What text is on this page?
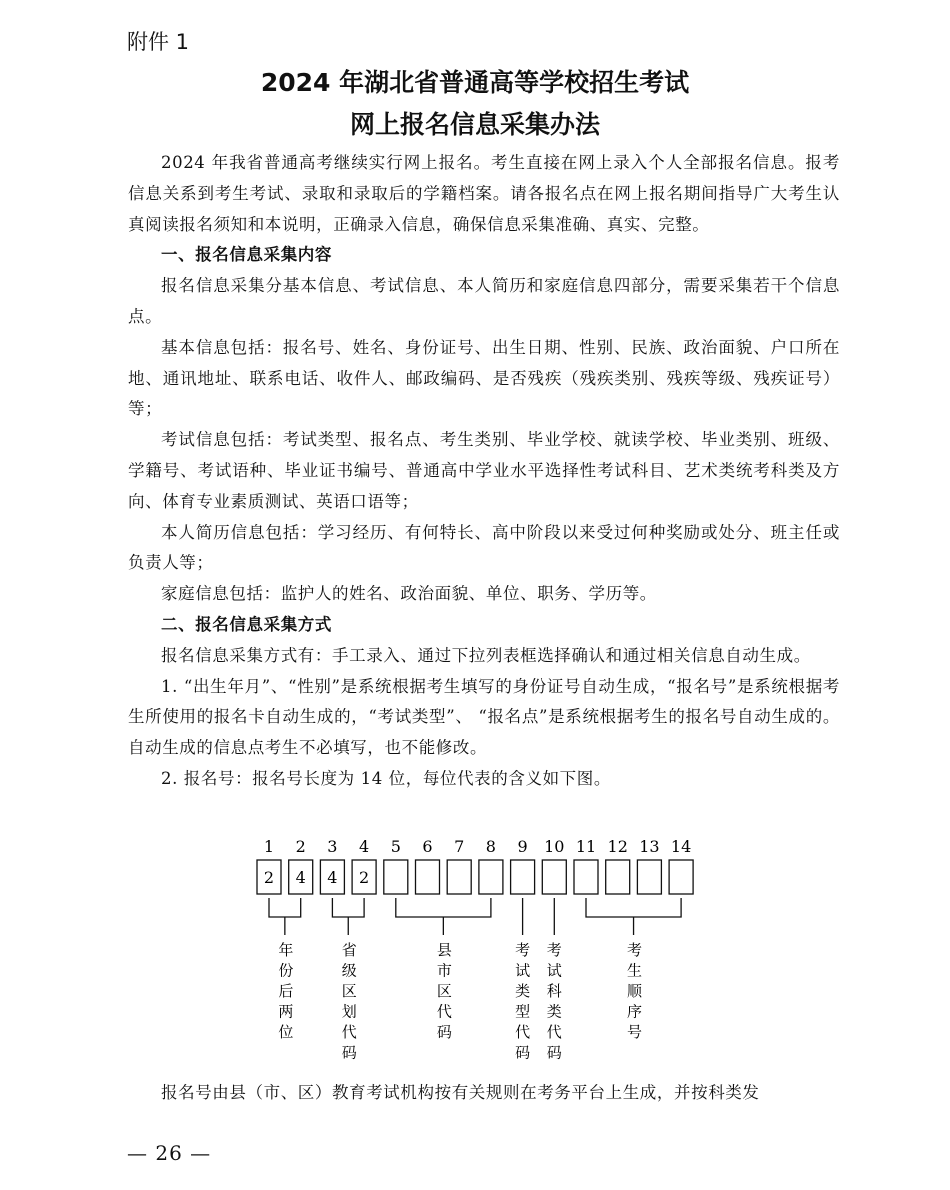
附件 1
2024 年湖北省普通高等学校招生考试
网上报名信息采集办法

2024 年我省普通高考继续实行网上报名。考生直接在网上录入个人全部报名信息。报考信息关系到考生考试、录取和录取后的学籍档案。请各报名点在网上报名期间指导广大考生认真阅读报名须知和本说明，正确录入信息，确保信息采集准确、真实、完整。

一、报名信息采集内容

报名信息采集分基本信息、考试信息、本人简历和家庭信息四部分，需要采集若干个信息点。

基本信息包括：报名号、姓名、身份证号、出生日期、性别、民族、政治面貌、户口所在地、通讯地址、联系电话、收件人、邮政编码、是否残疾（残疾类别、残疾等级、残疾证号）等；

考试信息包括：考试类型、报名点、考生类别、毕业学校、就读学校、毕业类别、班级、学籍号、考试语种、毕业证书编号、普通高中学业水平选择性考试科目、艺术类统考科类及方向、体育专业素质测试、英语口语等；

本人简历信息包括：学习经历、有何特长、高中阶段以来受过何种奖励或处分、班主任或负责人等；

家庭信息包括：监护人的姓名、政治面貌、单位、职务、学历等。

二、报名信息采集方式

报名信息采集方式有：手工录入、通过下拉列表框选择确认和通过相关信息自动生成。

1. “出生年月”、“性别”是系统根据考生填写的身份证号自动生成，“报名号”是系统根据考生所使用的报名卡自动生成的，“考试类型”、 “报名点”是系统根据考生的报名号自动生成的。自动生成的信息点考生不必填写，也不能修改。

2. 报名号：报名号长度为 14 位，每位代表的含义如下图。

1
2
2
4
3
4
4
2
5 6 7 8 9 10 11 12 13 14
年
份
后
两
位
省
级
区
划
代
码
县
市
区
代
码
考
试
类
型
代
码
考
试
科
类
代
码
考
生
顺
序
号

报名号由县（市、区）教育考试机构按有关规则在考务平台上生成，并按科类发

— 26 —
